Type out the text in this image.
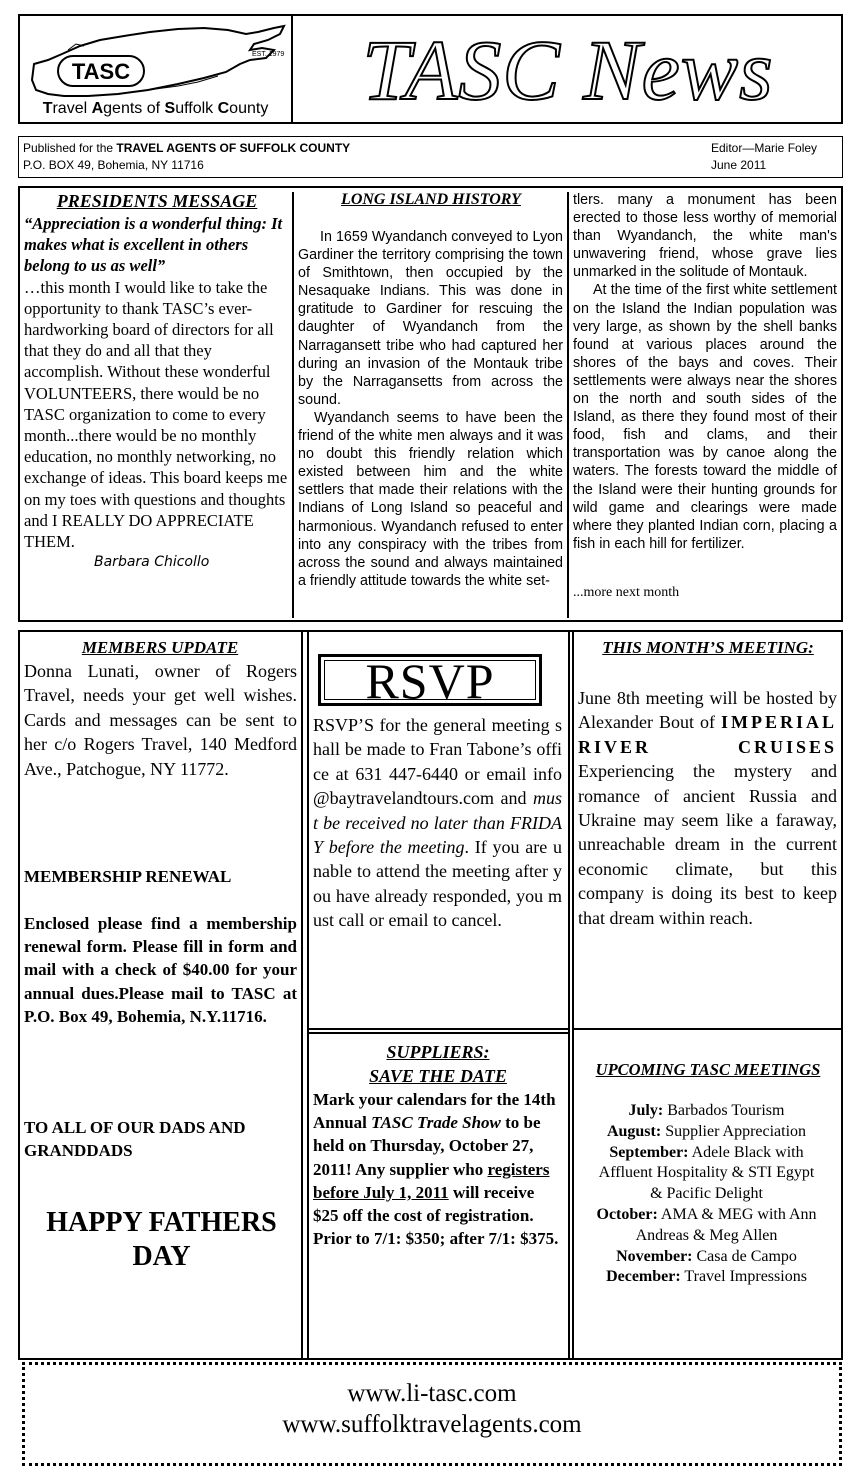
TASC
EST. 1979
Travel Agents of Suffolk County	TASC News
Published for the TRAVEL AGENTS OF SUFFOLK COUNTY
P.O. BOX 49, Bohemia, NY 11716
Editor—Marie Foley
June 2011
PRESIDENTS MESSAGE
“Appreciation is a wonderful thing: It makes what is excellent in others belong to us as well”
…this month I would like to take the opportunity to thank TASC’s ever-hardworking board of directors for all that they do and all that they accomplish. Without these wonderful VOLUNTEERS, there would be no TASC organization to come to every month...there would be no monthly education, no monthly networking, no exchange of ideas. This board keeps me on my toes with questions and thoughts and I REALLY DO APPRECIATE THEM.
Barbara Chicollo
LONG ISLAND HISTORY

In 1659 Wyandanch conveyed to Lyon Gardiner the territory comprising the town of Smithtown, then occupied by the Nesaquake Indians. This was done in gratitude to Gardiner for rescuing the daughter of Wyandanch from the Narragansett tribe who had captured her during an invasion of the Montauk tribe by the Narragansetts from across the sound.

Wyandanch seems to have been the friend of the white men always and it was no doubt this friendly relation which existed between him and the white settlers that made their relations with the Indians of Long Island so peaceful and harmonious. Wyandanch refused to enter into any conspiracy with the tribes from across the sound and always maintained a friendly attitude towards the white set-

tlers. many a monument has been erected to those less worthy of memorial than Wyandanch, the white man's unwavering friend, whose grave lies unmarked in the solitude of Montauk.

At the time of the first white settlement on the Island the Indian population was very large, as shown by the shell banks found at various places around the shores of the bays and coves. Their settlements were always near the shores on the north and south sides of the Island, as there they found most of their food, fish and clams, and their transportation was by canoe along the waters. The forests toward the middle of the Island were their hunting grounds for wild game and clearings were made where they planted Indian corn, placing a fish in each hill for fertilizer.

...more next month
MEMBERS UPDATE
Donna Lunati, owner of Rogers Travel, needs your get well wishes. Cards and messages can be sent to her c/o Rogers Travel, 140 Medford Ave., Patchogue, NY 11772.
MEMBERSHIP RENEWAL
Enclosed please find a membership renewal form. Please fill in form and mail with a check of $40.00 for your annual dues.Please mail to TASC at P.O. Box 49, Bohemia, N.Y.11716.
TO ALL OF OUR DADS AND GRANDDADS
HAPPY FATHERS DAY
RSVP
RSVP’S for the general meeting shall be made to Fran Tabone’s office at 631 447-6440 or email info@baytravelandtours.com and must be received no later than FRIDAY before the meeting. If you are unable to attend the meeting after you have already responded, you must call or email to cancel.
THIS MONTH’S MEETING:
June 8th meeting will be hosted by Alexander Bout of IMPERIAL RIVER CRUISES Experiencing the mystery and romance of ancient Russia and Ukraine may seem like a faraway, unreachable dream in the current economic climate, but this company is doing its best to keep that dream within reach.
SUPPLIERS:
SAVE THE DATE
Mark your calendars for the 14th Annual TASC Trade Show to be held on Thursday, October 27, 2011! Any supplier who registers before July 1, 2011 will receive $25 off the cost of registration.
Prior to 7/1: $350; after 7/1: $375.
UPCOMING TASC MEETINGS
July: Barbados Tourism
August: Supplier Appreciation
September: Adele Black with Affluent Hospitality & STI Egypt & Pacific Delight
October: AMA & MEG with Ann Andreas & Meg Allen
November: Casa de Campo
December: Travel Impressions
www.li-tasc.com
www.suffolktravelagents.com
